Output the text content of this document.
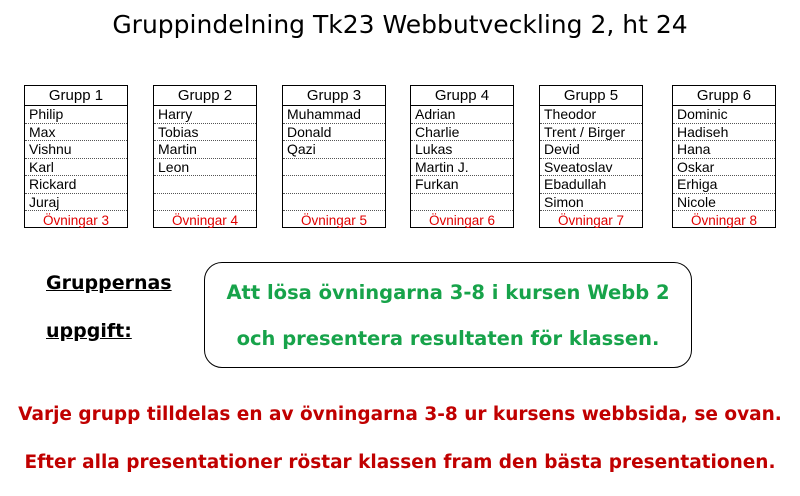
Gruppindelning Tk23 Webbutveckling 2, ht 24
Grupp 1
Philip
Max
Vishnu
Karl
Rickard
Juraj
Övningar 3
Grupp 2
Harry
Tobias
Martin
Leon
Övningar 4
Grupp 3
Muhammad
Donald
Qazi
Övningar 5
Grupp 4
Adrian
Charlie
Lukas
Martin J.
Furkan
Övningar 6
Grupp 5
Theodor
Trent / Birger
Devid
Sveatoslav
Ebadullah
Simon
Övningar 7
Grupp 6
Dominic
Hadiseh
Hana
Oskar
Erhiga
Nicole
Övningar 8
Gruppernas
uppgift:
Att lösa övningarna 3-8 i kursen Webb 2
och presentera resultaten för klassen.
Varje grupp tilldelas en av övningarna 3-8 ur kursens webbsida, se ovan.
Efter alla presentationer röstar klassen fram den bästa presentationen.
